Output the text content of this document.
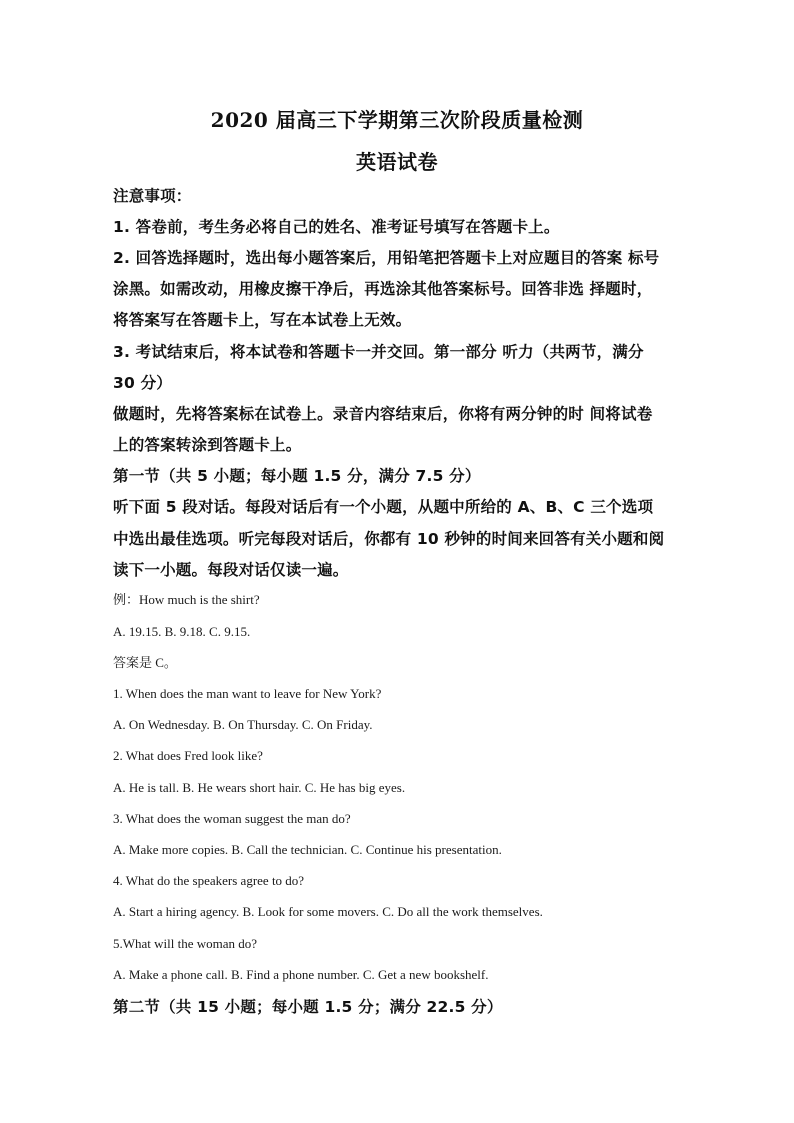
2020 届高三下学期第三次阶段质量检测
英语试卷
注意事项：
1. 答卷前，考生务必将自己的姓名、准考证号填写在答题卡上。
2. 回答选择题时，选出每小题答案后，用铅笔把答题卡上对应题目的答案 标号
涂黑。如需改动，用橡皮擦干净后，再选涂其他答案标号。回答非选 择题时，
将答案写在答题卡上，写在本试卷上无效。
3. 考试结束后，将本试卷和答题卡一并交回。第一部分 听力（共两节，满分
30 分）
做题时，先将答案标在试卷上。录音内容结束后，你将有两分钟的时 间将试卷
上的答案转涂到答题卡上。
第一节（共 5 小题；每小题 1.5 分，满分 7.5 分）
听下面 5 段对话。每段对话后有一个小题，从题中所给的 A、B、C 三个选项
中选出最佳选项。听完每段对话后，你都有 10 秒钟的时间来回答有关小题和阅
读下一小题。每段对话仅读一遍。
例：How much is the shirt?
A. 19.15. B. 9.18. C. 9.15.
答案是 C。
1. When does the man want to leave for New York?
A. On Wednesday. B. On Thursday. C. On Friday.
2. What does Fred look like?
A. He is tall. B. He wears short hair. C. He has big eyes.
3. What does the woman suggest the man do?
A. Make more copies. B. Call the technician. C. Continue his presentation.
4. What do the speakers agree to do?
A. Start a hiring agency. B. Look for some movers. C. Do all the work themselves.
5.What will the woman do?
A. Make a phone call. B. Find a phone number. C. Get a new bookshelf.
第二节（共 15 小题；每小题 1.5 分；满分 22.5 分）
